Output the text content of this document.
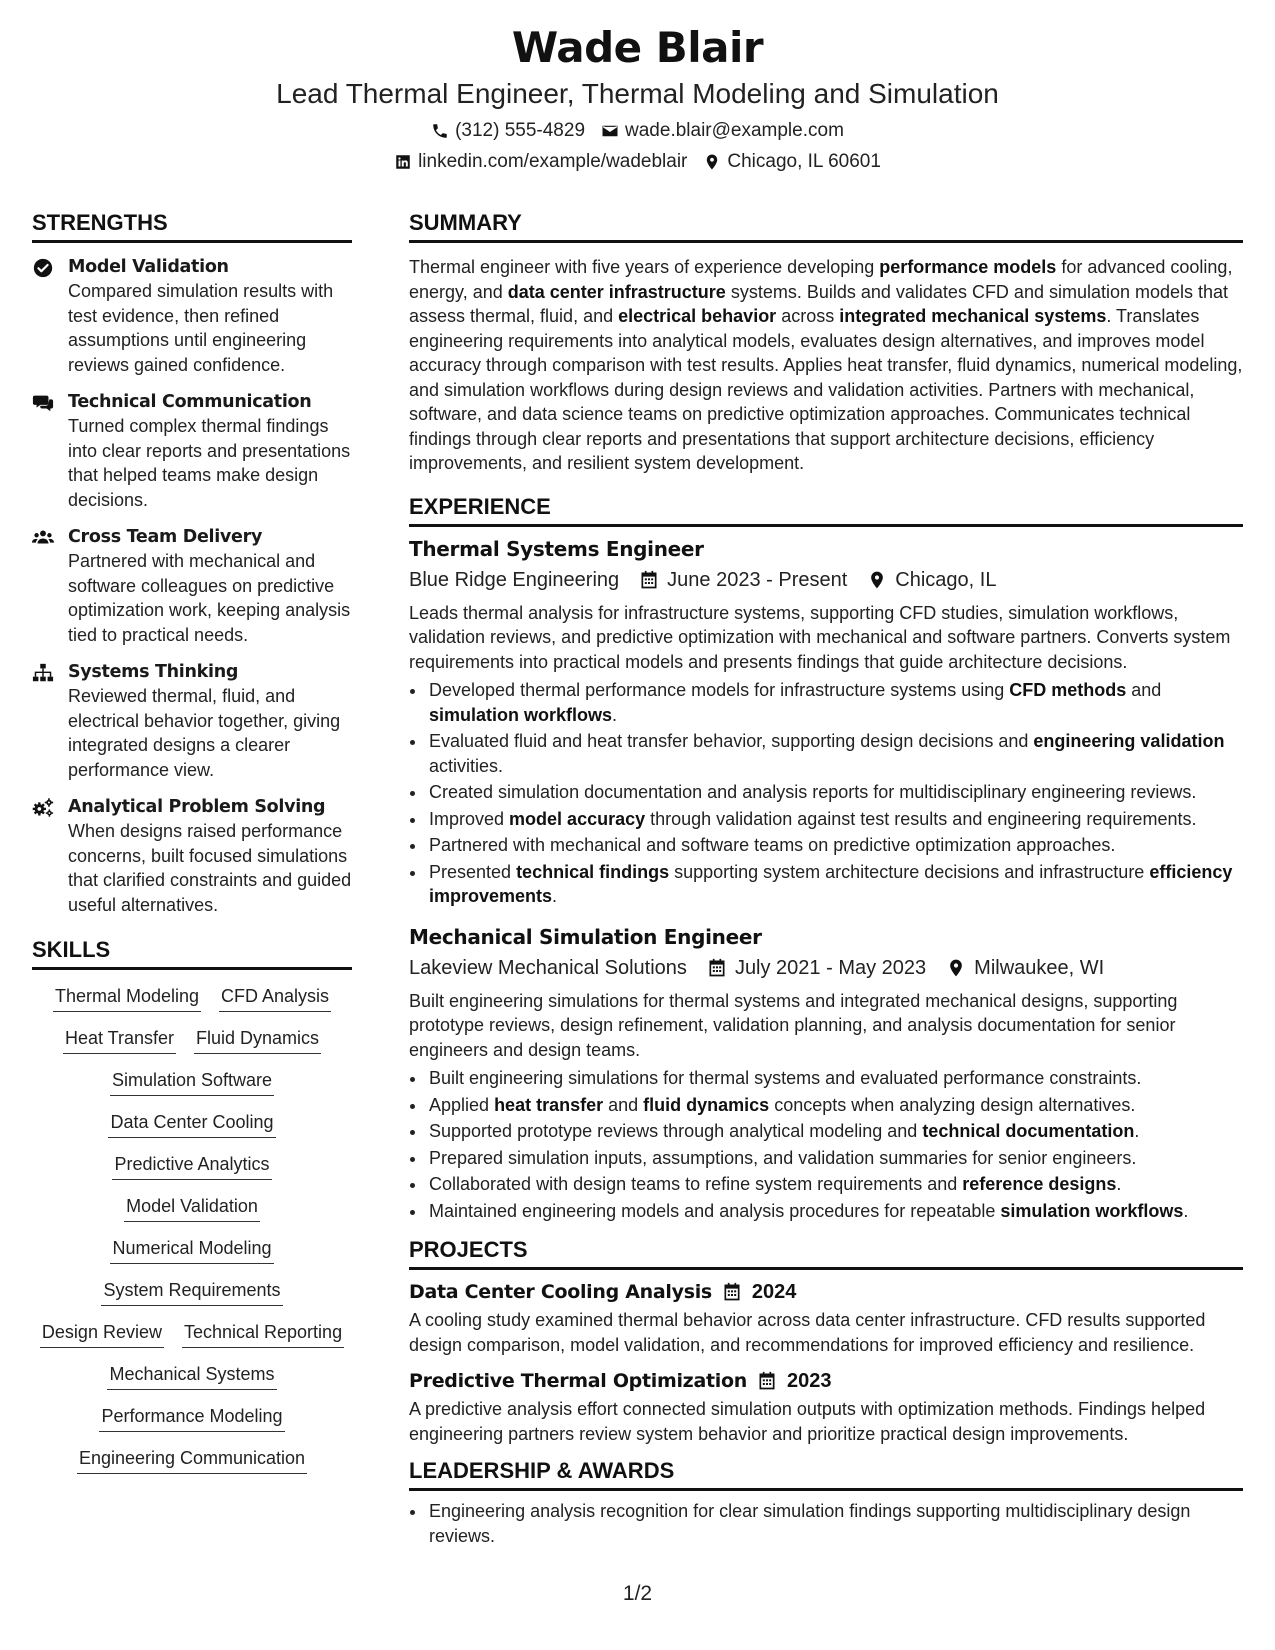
Wade Blair
Lead Thermal Engineer, Thermal Modeling and Simulation
(312) 555-4829 wade.blair@example.com
linkedin.com/example/wadeblair Chicago, IL 60601
STRENGTHS
Model Validation
Compared simulation results with test evidence, then refined assumptions until engineering reviews gained confidence.
Technical Communication
Turned complex thermal findings into clear reports and presentations that helped teams make design decisions.
Cross Team Delivery
Partnered with mechanical and software colleagues on predictive optimization work, keeping analysis tied to practical needs.
Systems Thinking
Reviewed thermal, fluid, and electrical behavior together, giving integrated designs a clearer performance view.
Analytical Problem Solving
When designs raised performance concerns, built focused simulations that clarified constraints and guided useful alternatives.
SKILLS
Thermal Modeling CFD Analysis
Heat Transfer Fluid Dynamics
Simulation Software
Data Center Cooling
Predictive Analytics
Model Validation
Numerical Modeling
System Requirements
Design Review Technical Reporting
Mechanical Systems
Performance Modeling
Engineering Communication
SUMMARY

Thermal engineer with five years of experience developing performance models for advanced cooling, energy, and data center infrastructure systems. Builds and validates CFD and simulation models that assess thermal, fluid, and electrical behavior across integrated mechanical systems. Translates engineering requirements into analytical models, evaluates design alternatives, and improves model accuracy through comparison with test results. Applies heat transfer, fluid dynamics, numerical modeling, and simulation workflows during design reviews and validation activities. Partners with mechanical, software, and data science teams on predictive optimization approaches. Communicates technical findings through clear reports and presentations that support architecture decisions, efficiency improvements, and resilient system development.

EXPERIENCE
Thermal Systems Engineer
Blue Ridge Engineering June 2023 - Present Chicago, IL

Leads thermal analysis for infrastructure systems, supporting CFD studies, simulation workflows, validation reviews, and predictive optimization with mechanical and software partners. Converts system requirements into practical models and presents findings that guide architecture decisions.

• Developed thermal performance models for infrastructure systems using CFD methods and simulation workflows.
• Evaluated fluid and heat transfer behavior, supporting design decisions and engineering validation activities.
• Created simulation documentation and analysis reports for multidisciplinary engineering reviews.
• Improved model accuracy through validation against test results and engineering requirements.
• Partnered with mechanical and software teams on predictive optimization approaches.
• Presented technical findings supporting system architecture decisions and infrastructure efficiency improvements.
Mechanical Simulation Engineer
Lakeview Mechanical Solutions July 2021 - May 2023 Milwaukee, WI

Built engineering simulations for thermal systems and integrated mechanical designs, supporting prototype reviews, design refinement, validation planning, and analysis documentation for senior engineers and design teams.

• Built engineering simulations for thermal systems and evaluated performance constraints.
• Applied heat transfer and fluid dynamics concepts when analyzing design alternatives.
• Supported prototype reviews through analytical modeling and technical documentation.
• Prepared simulation inputs, assumptions, and validation summaries for senior engineers.
• Collaborated with design teams to refine system requirements and reference designs.
• Maintained engineering models and analysis procedures for repeatable simulation workflows.
PROJECTS
Data Center Cooling Analysis 2024

A cooling study examined thermal behavior across data center infrastructure. CFD results supported design comparison, model validation, and recommendations for improved efficiency and resilience.

Predictive Thermal Optimization 2023

A predictive analysis effort connected simulation outputs with optimization methods. Findings helped engineering partners review system behavior and prioritize practical design improvements.

LEADERSHIP & AWARDS
• Engineering analysis recognition for clear simulation findings supporting multidisciplinary design reviews.
1/2
